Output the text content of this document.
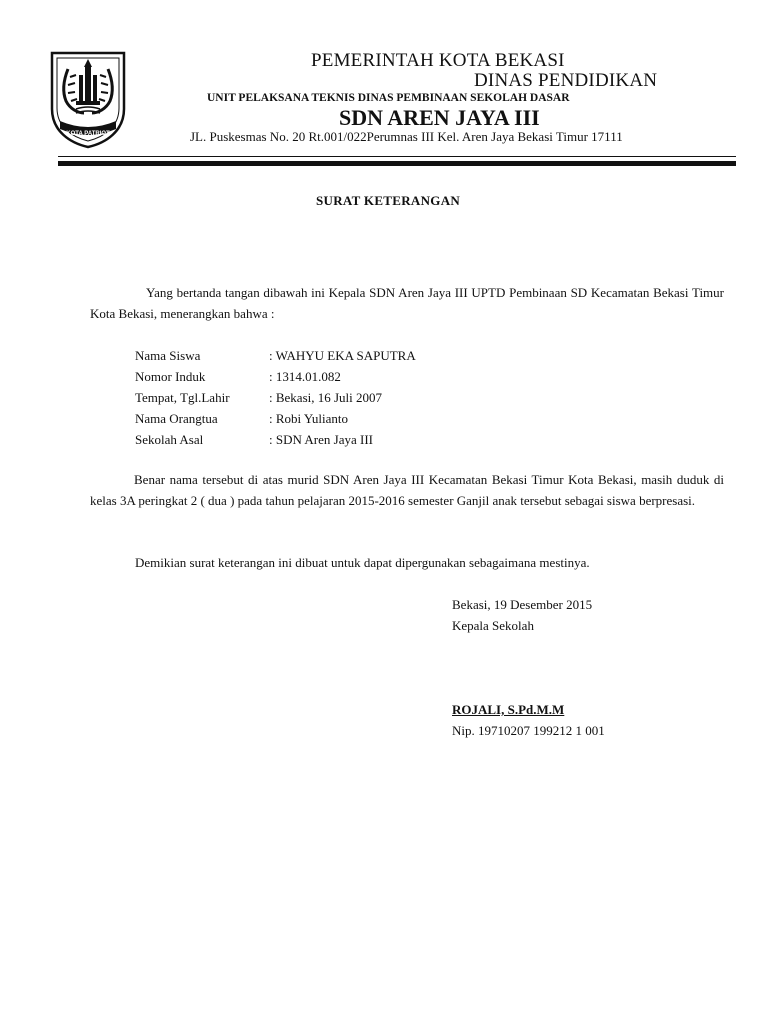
KOTA PATRIOT
PEMERINTAH KOTA BEKASI
DINAS PENDIDIKAN
UNIT PELAKSANA TEKNIS DINAS PEMBINAAN SEKOLAH DASAR
SDN AREN JAYA III
JL. Puskesmas No. 20 Rt.001/022Perumnas III Kel. Aren Jaya Bekasi Timur 17111
SURAT KETERANGAN
Yang bertanda tangan dibawah ini Kepala SDN Aren Jaya III UPTD Pembinaan SD Kecamatan Bekasi Timur Kota Bekasi, menerangkan bahwa :
Nama Siswa	: WAHYU EKA SAPUTRA
Nomor Induk	: 1314.01.082
Tempat, Tgl.Lahir	: Bekasi, 16 Juli 2007
Nama Orangtua	: Robi Yulianto
Sekolah Asal	: SDN Aren Jaya III
Benar nama tersebut di atas murid SDN Aren Jaya III Kecamatan Bekasi Timur Kota Bekasi, masih duduk di kelas 3A peringkat 2 ( dua ) pada tahun pelajaran 2015-2016 semester Ganjil anak tersebut sebagai siswa berpresasi.
Demikian surat keterangan ini dibuat untuk dapat dipergunakan sebagaimana mestinya.
Bekasi, 19 Desember 2015
Kepala Sekolah
ROJALI, S.Pd.M.M
Nip. 19710207 199212 1 001
